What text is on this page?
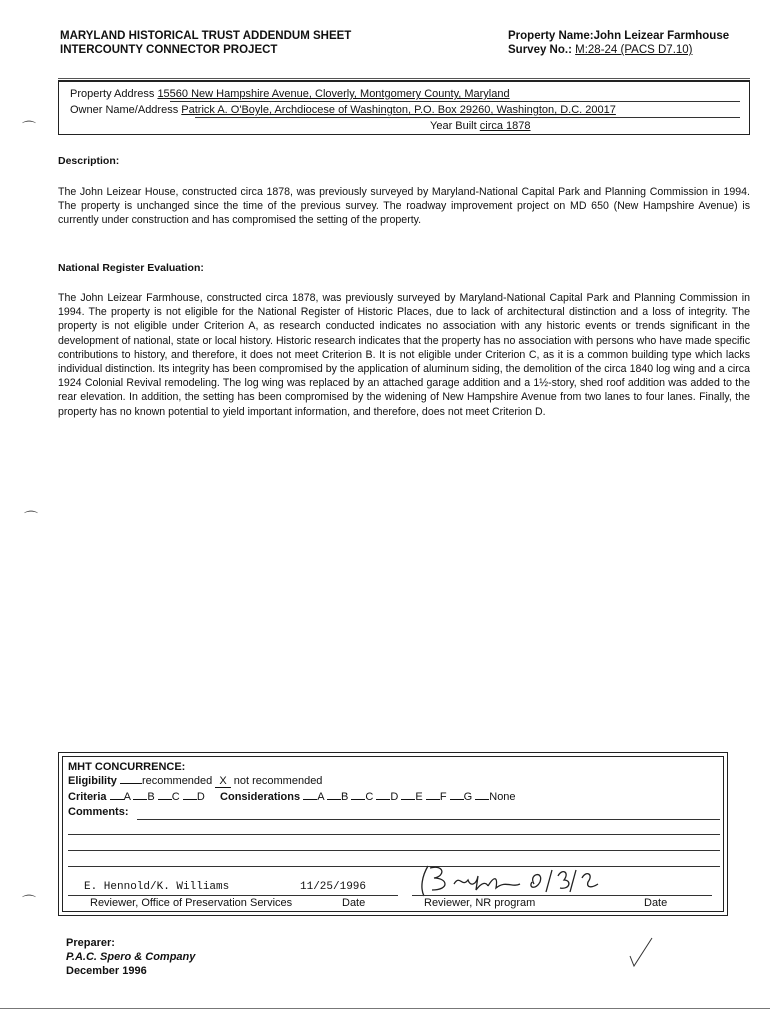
MARYLAND HISTORICAL TRUST ADDENDUM SHEET
INTERCOUNTY CONNECTOR PROJECT
Property Name:John Leizear Farmhouse
Survey No.: M:28-24 (PACS D7.10)
Property Address 15560 New Hampshire Avenue, Cloverly, Montgomery County, Maryland
Owner Name/Address Patrick A. O'Boyle, Archdiocese of Washington, P.O. Box 29260, Washington, D.C. 20017
Year Built circa 1878
Description:
The John Leizear House, constructed circa 1878, was previously surveyed by Maryland-National Capital Park and Planning Commission in 1994. The property is unchanged since the time of the previous survey. The roadway improvement project on MD 650 (New Hampshire Avenue) is currently under construction and has compromised the setting of the property.
National Register Evaluation:
The John Leizear Farmhouse, constructed circa 1878, was previously surveyed by Maryland-National Capital Park and Planning Commission in 1994. The property is not eligible for the National Register of Historic Places, due to lack of architectural distinction and a loss of integrity. The property is not eligible under Criterion A, as research conducted indicates no association with any historic events or trends significant in the development of national, state or local history. Historic research indicates that the property has no association with persons who have made specific contributions to history, and therefore, it does not meet Criterion B. It is not eligible under Criterion C, as it is a common building type which lacks individual distinction. Its integrity has been compromised by the application of aluminum siding, the demolition of the circa 1840 log wing and a circa 1924 Colonial Revival remodeling. The log wing was replaced by an attached garage addition and a 1½-story, shed roof addition was added to the rear elevation. In addition, the setting has been compromised by the widening of New Hampshire Avenue from two lanes to four lanes. Finally, the property has no known potential to yield important information, and therefore, does not meet Criterion D.
⌒
⌒
⌒
MHT CONCURRENCE:
Eligibility recommended X not recommended
Criteria A B C D Considerations A B C D E F G None
Comments:
E. Hennold/K. Williams	11/25/1996
Reviewer, Office of Preservation Services	Date	Reviewer, NR program	Date
Preparer:
P.A.C. Spero & Company
December 1996
